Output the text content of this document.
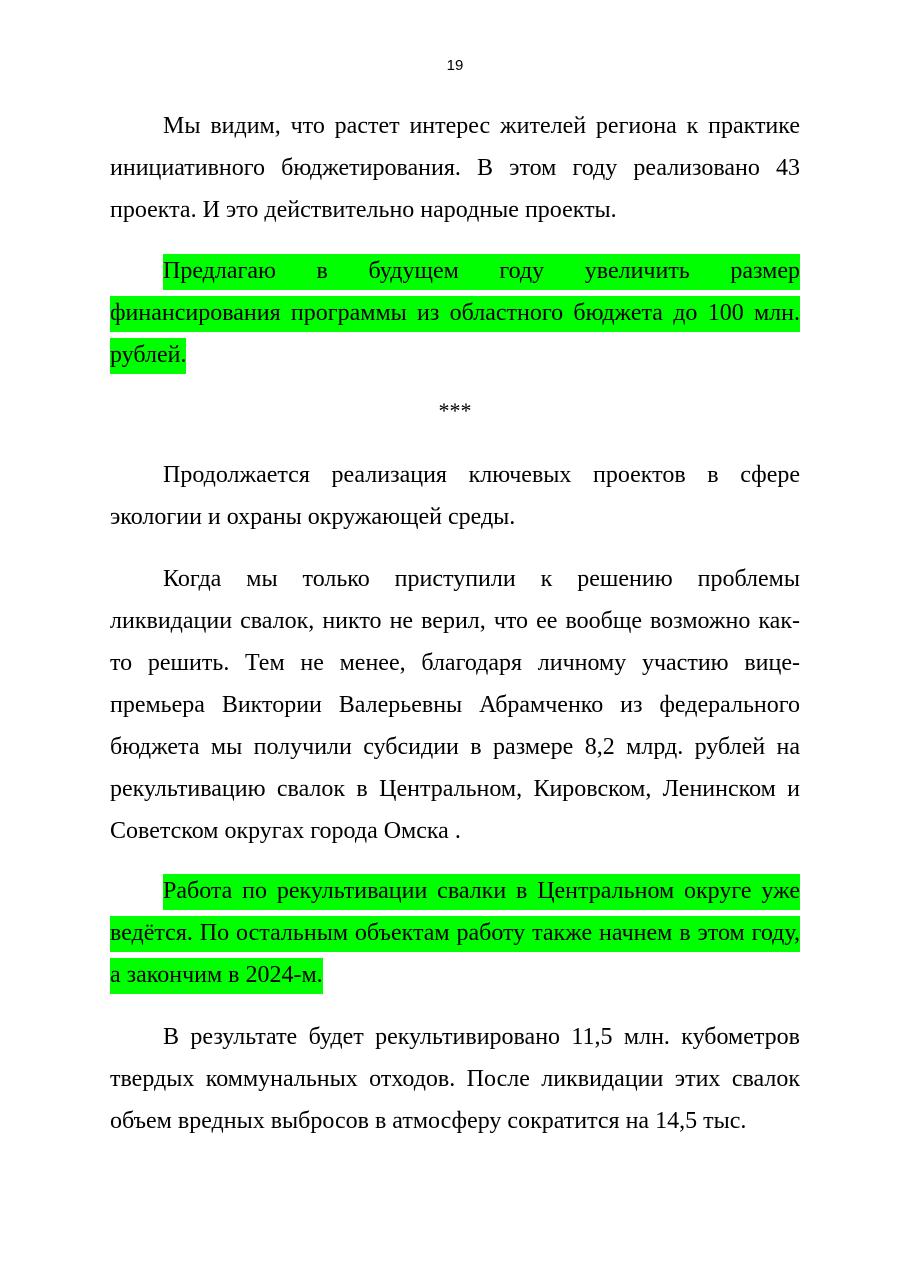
19

Мы видим, что растет интерес жителей региона к практике инициативного бюджетирования. В этом году реализовано 43 проекта. И это действительно народные проекты.

Предлагаю в будущем году увеличить размер финансирования программы из областного бюджета до 100 млн. рублей.

***

Продолжается реализация ключевых проектов в сфере экологии и охраны окружающей среды.

Когда мы только приступили к решению проблемы ликвидации свалок, никто не верил, что ее вообще возможно как-то решить. Тем не менее, благодаря личному участию вице-премьера Виктории Валерьевны Абрамченко из федерального бюджета мы получили субсидии в размере 8,2 млрд. рублей на рекультивацию свалок в Центральном, Кировском, Ленинском и Советском округах города Омска .

Работа по рекультивации свалки в Центральном округе уже ведётся. По остальным объектам работу также начнем в этом году, а закончим в 2024-м.

В результате будет рекультивировано 11,5 млн. кубометров твердых коммунальных отходов. После ликвидации этих свалок объем вредных выбросов в атмосферу сократится на 14,5 тыс.
